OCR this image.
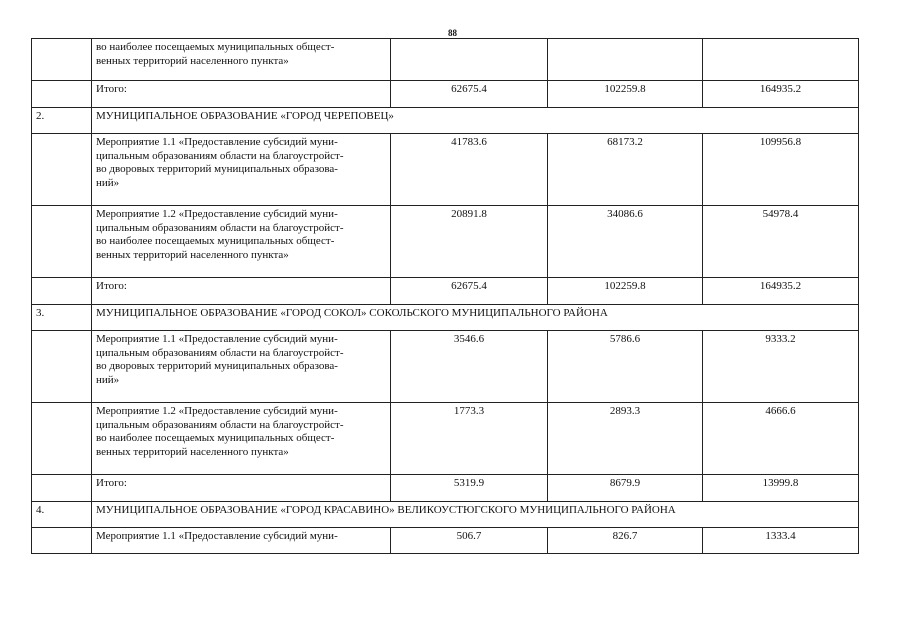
88
	во наиболее посещаемых муниципальных общест-
венных территорий населенного пункта»			
	Итого:	62675.4	102259.8	164935.2
2.	МУНИЦИПАЛЬНОЕ ОБРАЗОВАНИЕ «ГОРОД ЧЕРЕПОВЕЦ»			
	Мероприятие 1.1 «Предоставление субсидий муни-
ципальным образованиям области на благоустройст-
во дворовых территорий муниципальных образова-
ний»	41783.6	68173.2	109956.8
	Мероприятие 1.2 «Предоставление субсидий муни-
ципальным образованиям области на благоустройст-
во наиболее посещаемых муниципальных общест-
венных территорий населенного пункта»	20891.8	34086.6	54978.4
	Итого:	62675.4	102259.8	164935.2
3.	МУНИЦИПАЛЬНОЕ ОБРАЗОВАНИЕ «ГОРОД СОКОЛ» СОКОЛЬСКОГО МУНИЦИПАЛЬНОГО РАЙОНА			
	Мероприятие 1.1 «Предоставление субсидий муни-
ципальным образованиям области на благоустройст-
во дворовых территорий муниципальных образова-
ний»	3546.6	5786.6	9333.2
	Мероприятие 1.2 «Предоставление субсидий муни-
ципальным образованиям области на благоустройст-
во наиболее посещаемых муниципальных общест-
венных территорий населенного пункта»	1773.3	2893.3	4666.6
	Итого:	5319.9	8679.9	13999.8
4.	МУНИЦИПАЛЬНОЕ ОБРАЗОВАНИЕ «ГОРОД КРАСАВИНО» ВЕЛИКОУСТЮГСКОГО МУНИЦИПАЛЬНОГО РАЙОНА			
	Мероприятие 1.1 «Предоставление субсидий муни-	506.7	826.7	1333.4
